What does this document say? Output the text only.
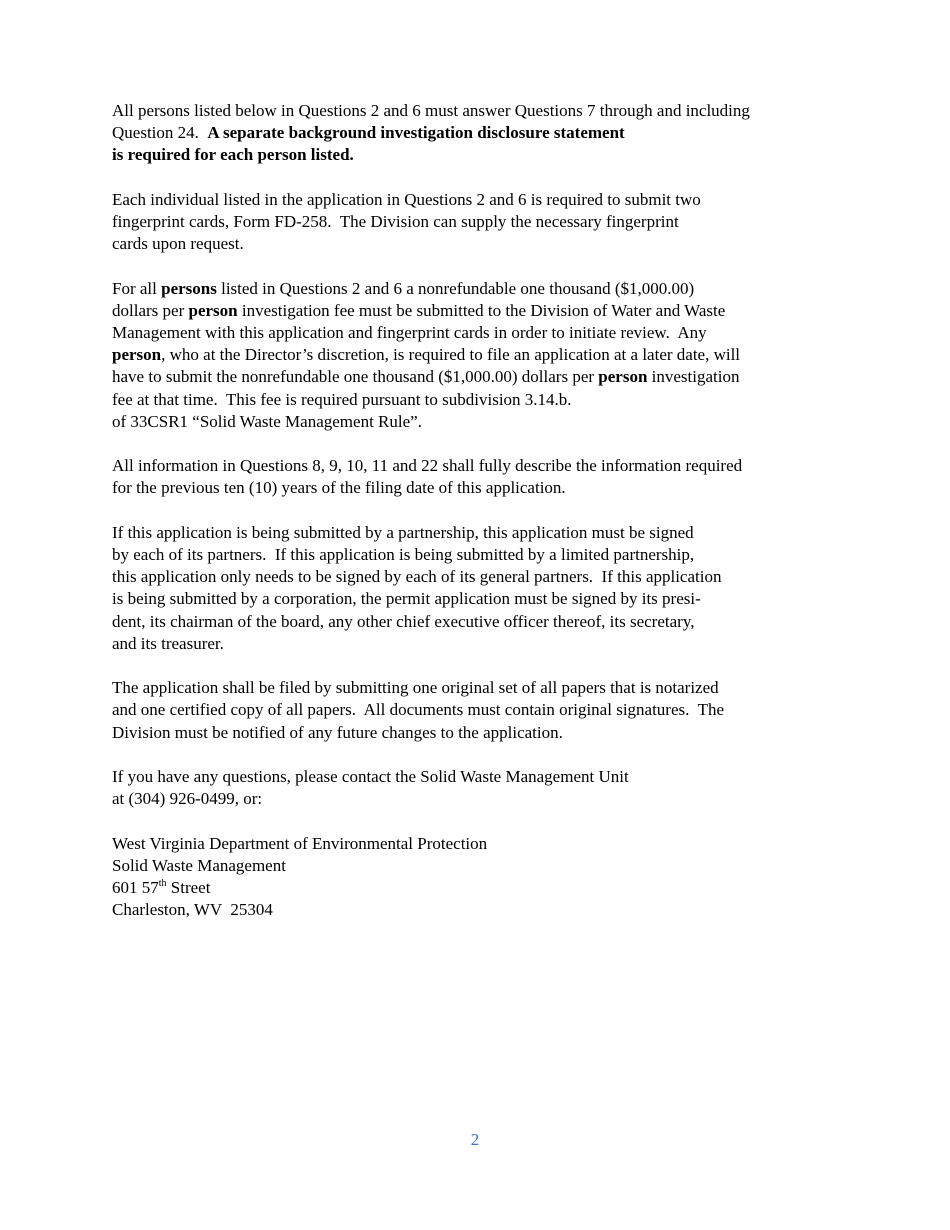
All persons listed below in Questions 2 and 6 must answer Questions 7 through and including
Question 24.  A separate background investigation disclosure statement
is required for each person listed.
Each individual listed in the application in Questions 2 and 6 is required to submit two
fingerprint cards, Form FD-258.  The Division can supply the necessary fingerprint
cards upon request.
For all persons listed in Questions 2 and 6 a nonrefundable one thousand ($1,000.00)
dollars per person investigation fee must be submitted to the Division of Water and Waste
Management with this application and fingerprint cards in order to initiate review.  Any
person, who at the Director’s discretion, is required to file an application at a later date, will
have to submit the nonrefundable one thousand ($1,000.00) dollars per person investigation
fee at that time.  This fee is required pursuant to subdivision 3.14.b.
of 33CSR1 “Solid Waste Management Rule”.
All information in Questions 8, 9, 10, 11 and 22 shall fully describe the information required
for the previous ten (10) years of the filing date of this application.
If this application is being submitted by a partnership, this application must be signed
by each of its partners.  If this application is being submitted by a limited partnership,
this application only needs to be signed by each of its general partners.  If this application
is being submitted by a corporation, the permit application must be signed by its presi-
dent, its chairman of the board, any other chief executive officer thereof, its secretary,
and its treasurer.
The application shall be filed by submitting one original set of all papers that is notarized
and one certified copy of all papers.  All documents must contain original signatures.  The
Division must be notified of any future changes to the application.
If you have any questions, please contact the Solid Waste Management Unit
at (304) 926-0499, or:
West Virginia Department of Environmental Protection
Solid Waste Management
601 57th Street
Charleston, WV  25304
2
